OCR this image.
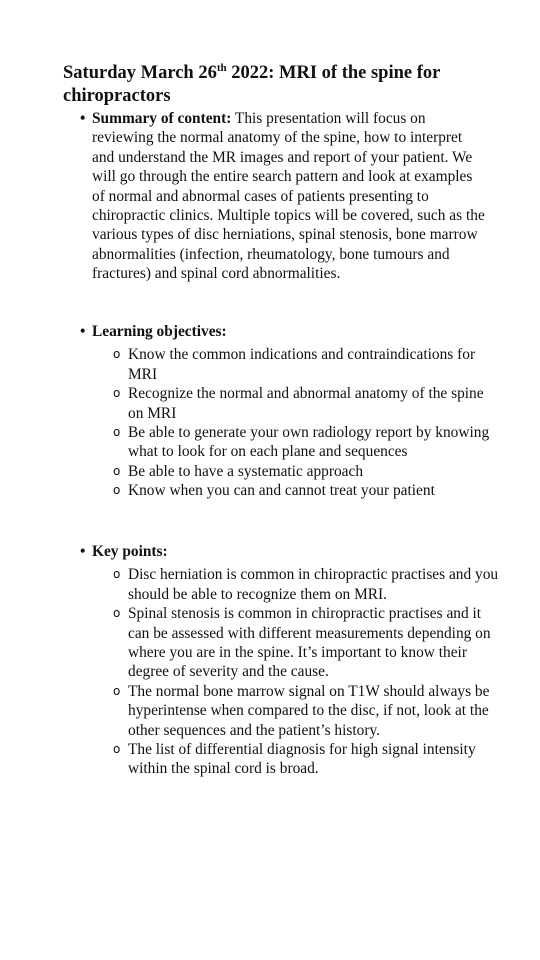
Saturday March 26th 2022: MRI of the spine for chiropractors
• Summary of content: This presentation will focus on reviewing the normal anatomy of the spine, how to interpret and understand the MR images and report of your patient. We will go through the entire search pattern and look at examples of normal and abnormal cases of patients presenting to chiropractic clinics. Multiple topics will be covered, such as the various types of disc herniations, spinal stenosis, bone marrow abnormalities (infection, rheumatology, bone tumours and fractures) and spinal cord abnormalities.
• Learning objectives:
o Know the common indications and contraindications for MRI
o Recognize the normal and abnormal anatomy of the spine on MRI
o Be able to generate your own radiology report by knowing what to look for on each plane and sequences
o Be able to have a systematic approach
o Know when you can and cannot treat your patient
• Key points:
o Disc herniation is common in chiropractic practises and you should be able to recognize them on MRI.
o Spinal stenosis is common in chiropractic practises and it can be assessed with different measurements depending on where you are in the spine. It’s important to know their degree of severity and the cause.
o The normal bone marrow signal on T1W should always be hyperintense when compared to the disc, if not, look at the other sequences and the patient’s history.
o The list of differential diagnosis for high signal intensity within the spinal cord is broad.
